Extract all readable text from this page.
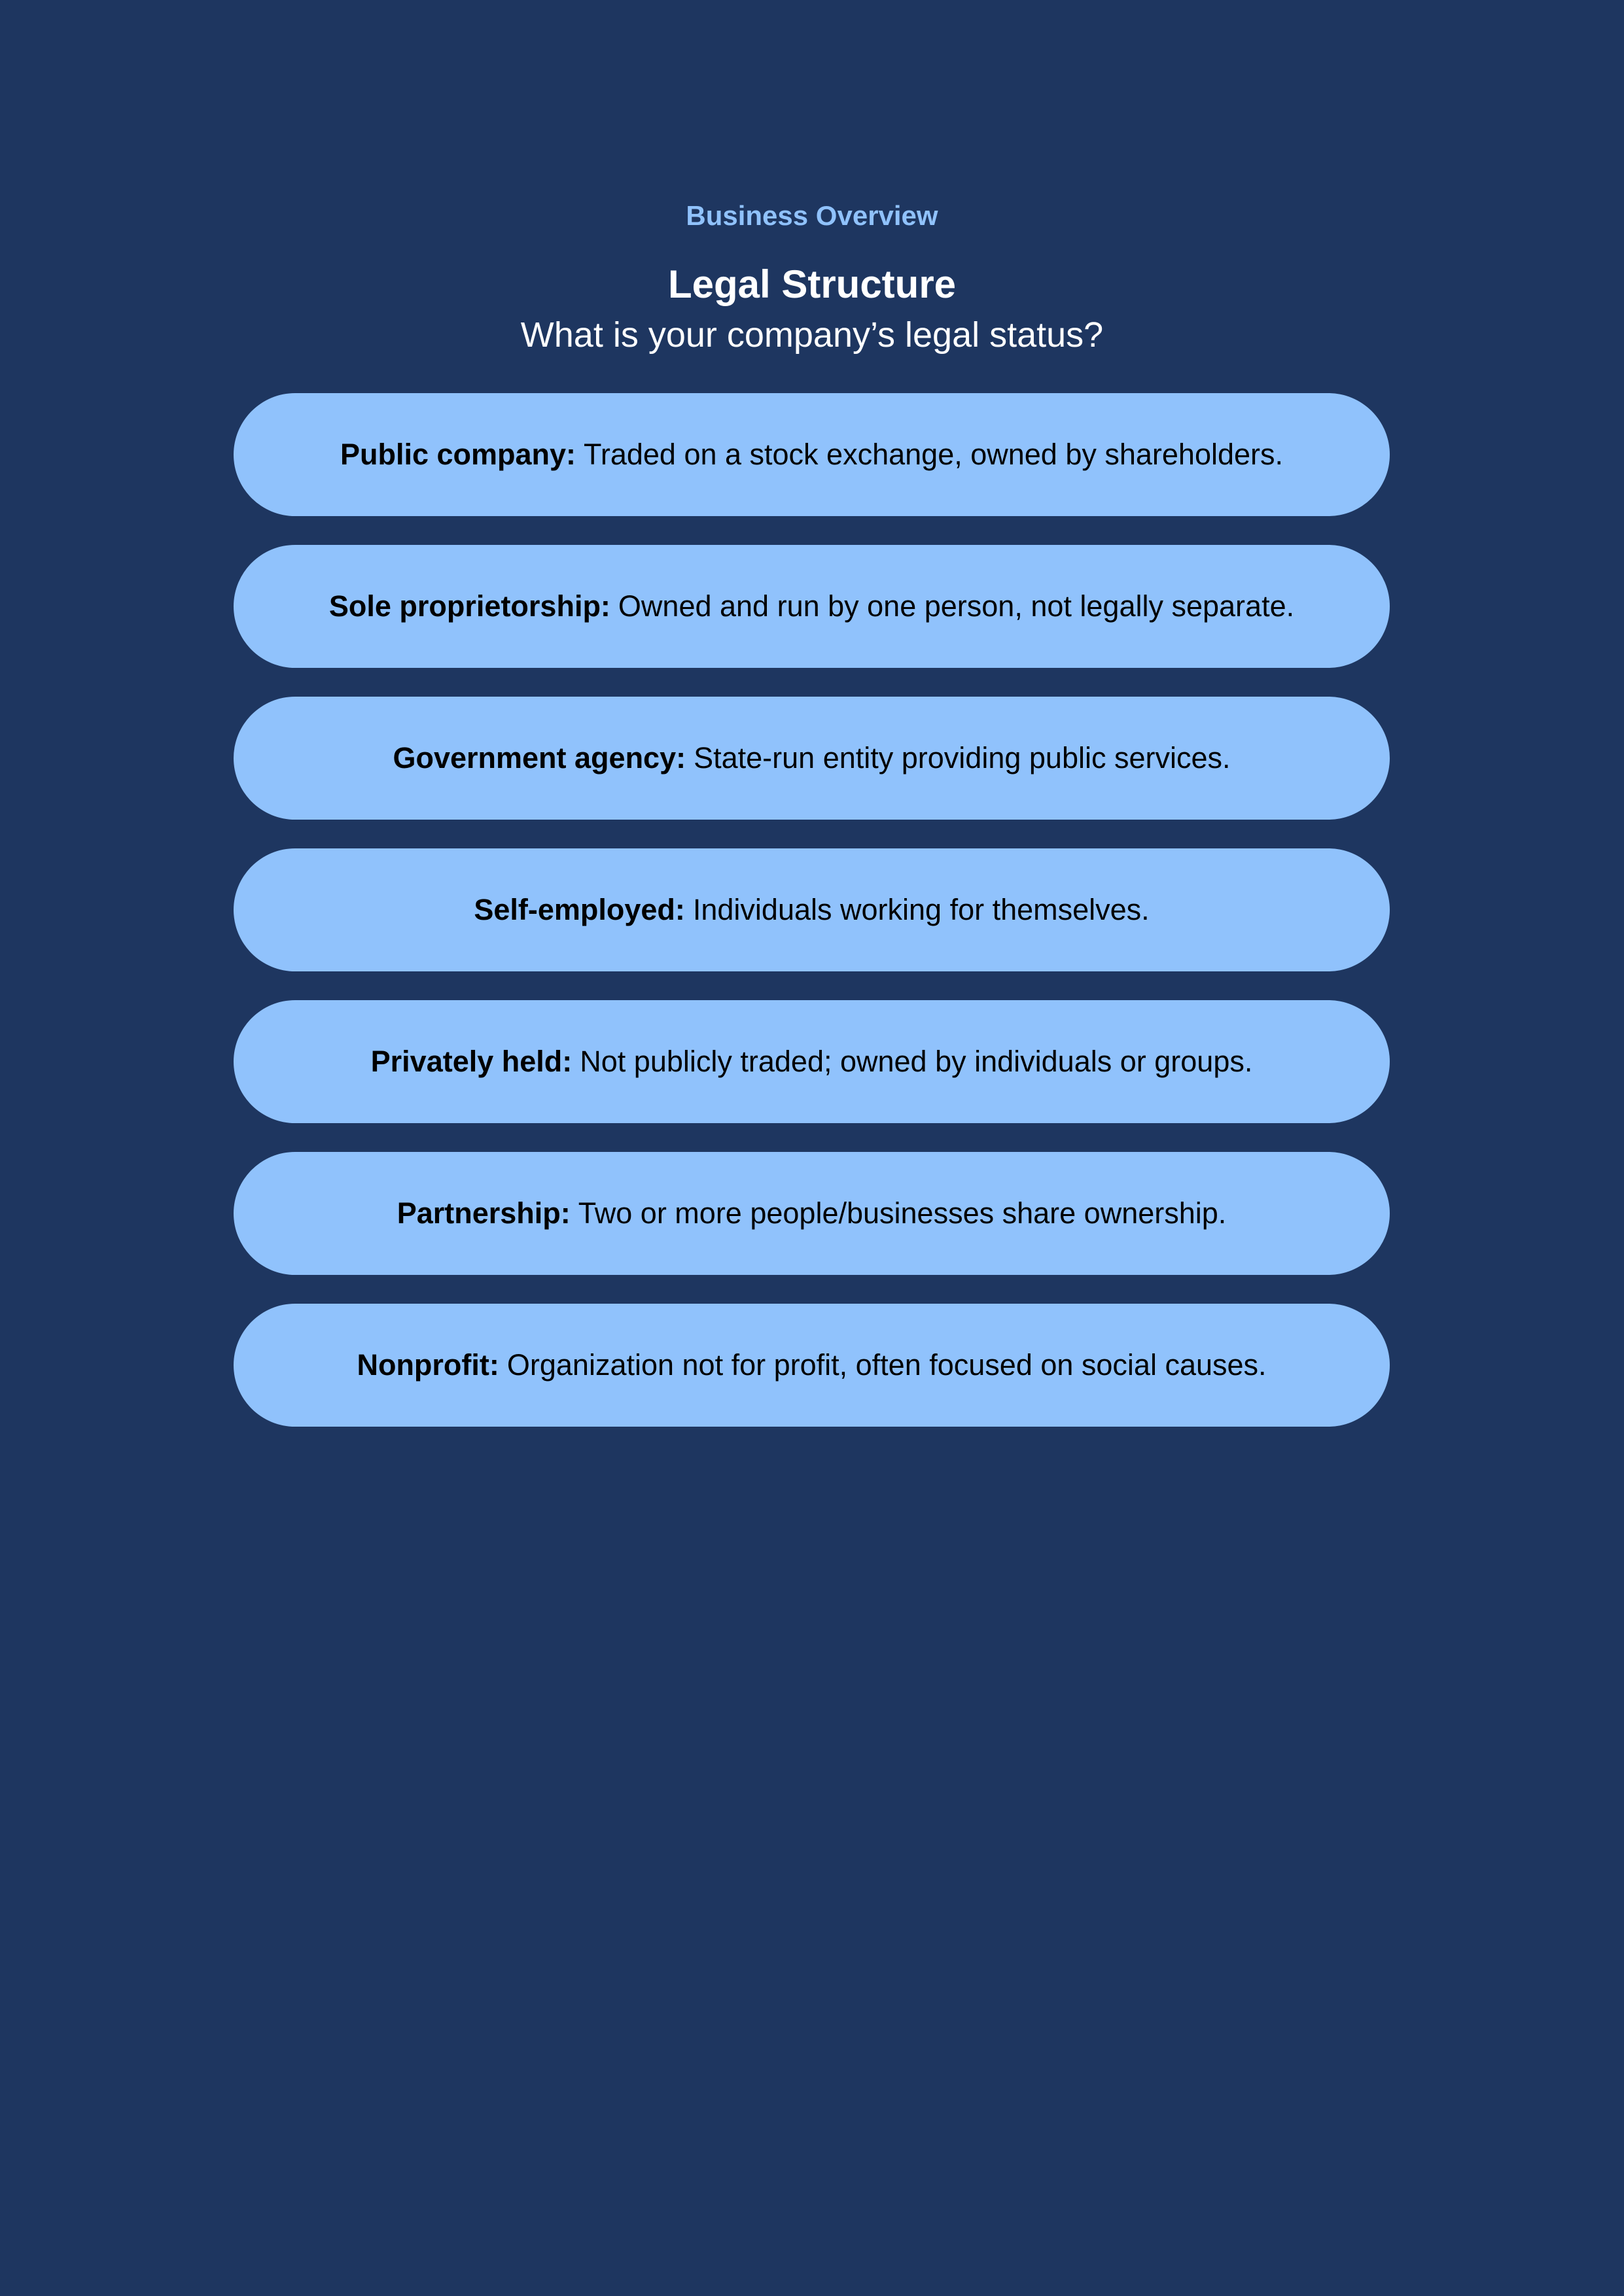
Business Overview
Legal Structure
What is your company’s legal status?
Public company: Traded on a stock exchange, owned by shareholders.
Sole proprietorship: Owned and run by one person, not legally separate.
Government agency: State-run entity providing public services.
Self-employed: Individuals working for themselves.
Privately held: Not publicly traded; owned by individuals or groups.
Partnership: Two or more people/businesses share ownership.
Nonprofit: Organization not for profit, often focused on social causes.
